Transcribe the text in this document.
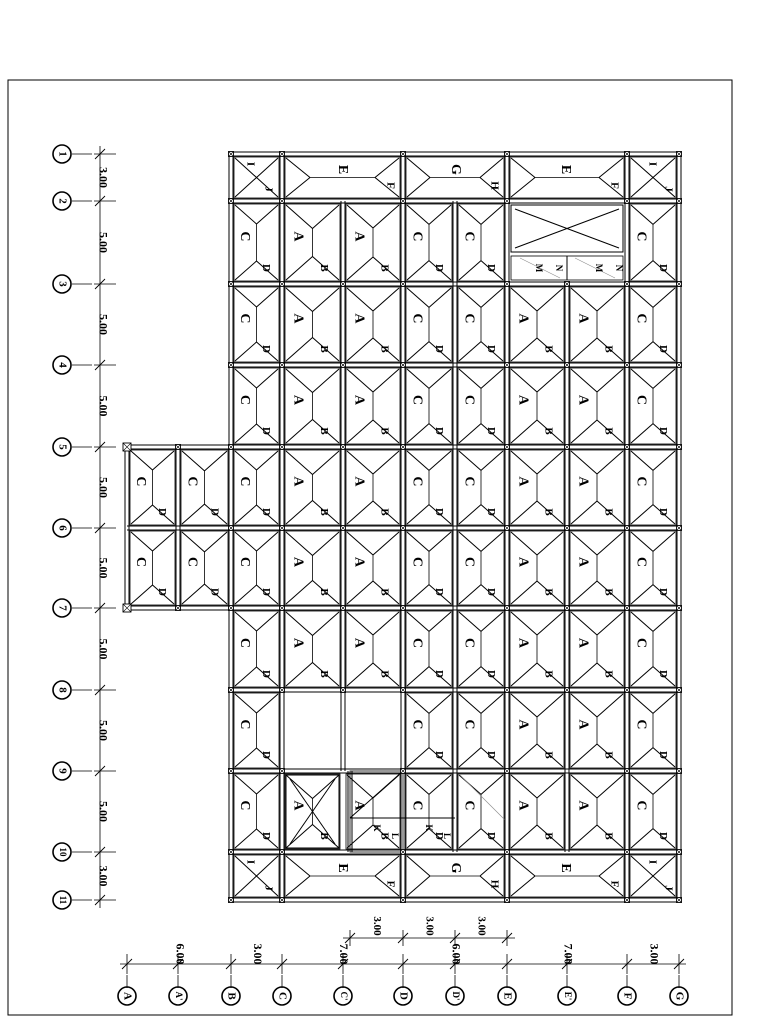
C
D
C
D
C
D
C
D
A
B
A
B
C
D
C
D
C
D
C
D
A
B
A
B
A
B
A
B
C
D
C
D
C
D
C
D
A
B
A
B
A
B
A
B
C
D
C
D
C
D
C
D
A
B
A
B
A
B
A
B
C
D
C
D
C
D
C
D
A
B
A
B
A
B
A
B
C
D
C
D
C
D
C
D
A
B
A
B
A
B
A
B
C
D
C
D
C
D
C
D
A
B
A
B
C
D
C
D
C
D
C
D
A
B
A
B
A
B
A
B
M N	M N
K
L
K
L
I
J
E
F
G
H
E
F
I
J
I
J
E
F
G
H
E
F
I
J
C
D
C
D
C
D
C
D
3.00
5.00
5.00
5.00
5.00
5.00
5.00
5.00
5.00
3.00
6.00	3.00	7.00	6.00	7.00	3.00
3.00	3.00	3.00
1
2
3
4
5
6
7
8
9
10
11
A	A'	B	C	C'	D	D'	E	E'	F	G
